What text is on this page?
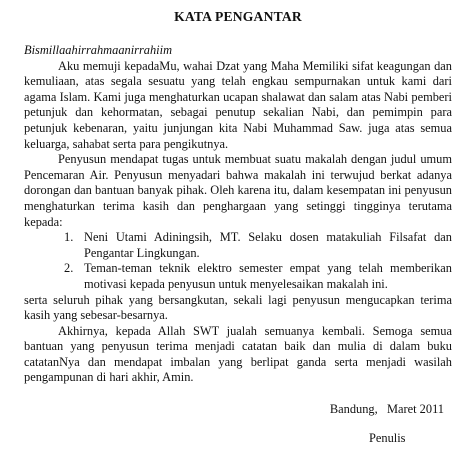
KATA PENGANTAR

Bismillaahirrahmaanirrahiim

Aku memuji kepadaMu, wahai Dzat yang Maha Memiliki sifat keagungan dan kemuliaan, atas segala sesuatu yang telah engkau sempurnakan untuk kami dari agama Islam. Kami juga menghaturkan ucapan shalawat dan salam atas Nabi pemberi petunjuk dan kehormatan, sebagai penutup sekalian Nabi, dan pemimpin para petunjuk kebenaran, yaitu junjungan kita Nabi Muhammad Saw. juga atas semua keluarga, sahabat serta para pengikutnya.

Penyusun mendapat tugas untuk membuat suatu makalah dengan judul umum Pencemaran Air. Penyusun menyadari bahwa makalah ini terwujud berkat adanya dorongan dan bantuan banyak pihak. Oleh karena itu, dalam kesempatan ini penyusun menghaturkan terima kasih dan penghargaan yang setinggi tingginya terutama kepada:

1. Neni Utami Adiningsih, MT. Selaku dosen matakuliah Filsafat dan Pengantar Lingkungan.
2. Teman-teman teknik elektro semester empat yang telah memberikan motivasi kepada penyusun untuk menyelesaikan makalah ini.

serta seluruh pihak yang bersangkutan, sekali lagi penyusun mengucapkan terima kasih yang sebesar-besarnya.

Akhirnya, kepada Allah SWT jualah semuanya kembali. Semoga semua bantuan yang penyusun terima menjadi catatan baik dan mulia di dalam buku catatanNya dan mendapat imbalan yang berlipat ganda serta menjadi wasilah pengampunan di hari akhir, Amin.

Bandung,   Maret 2011
Penulis
